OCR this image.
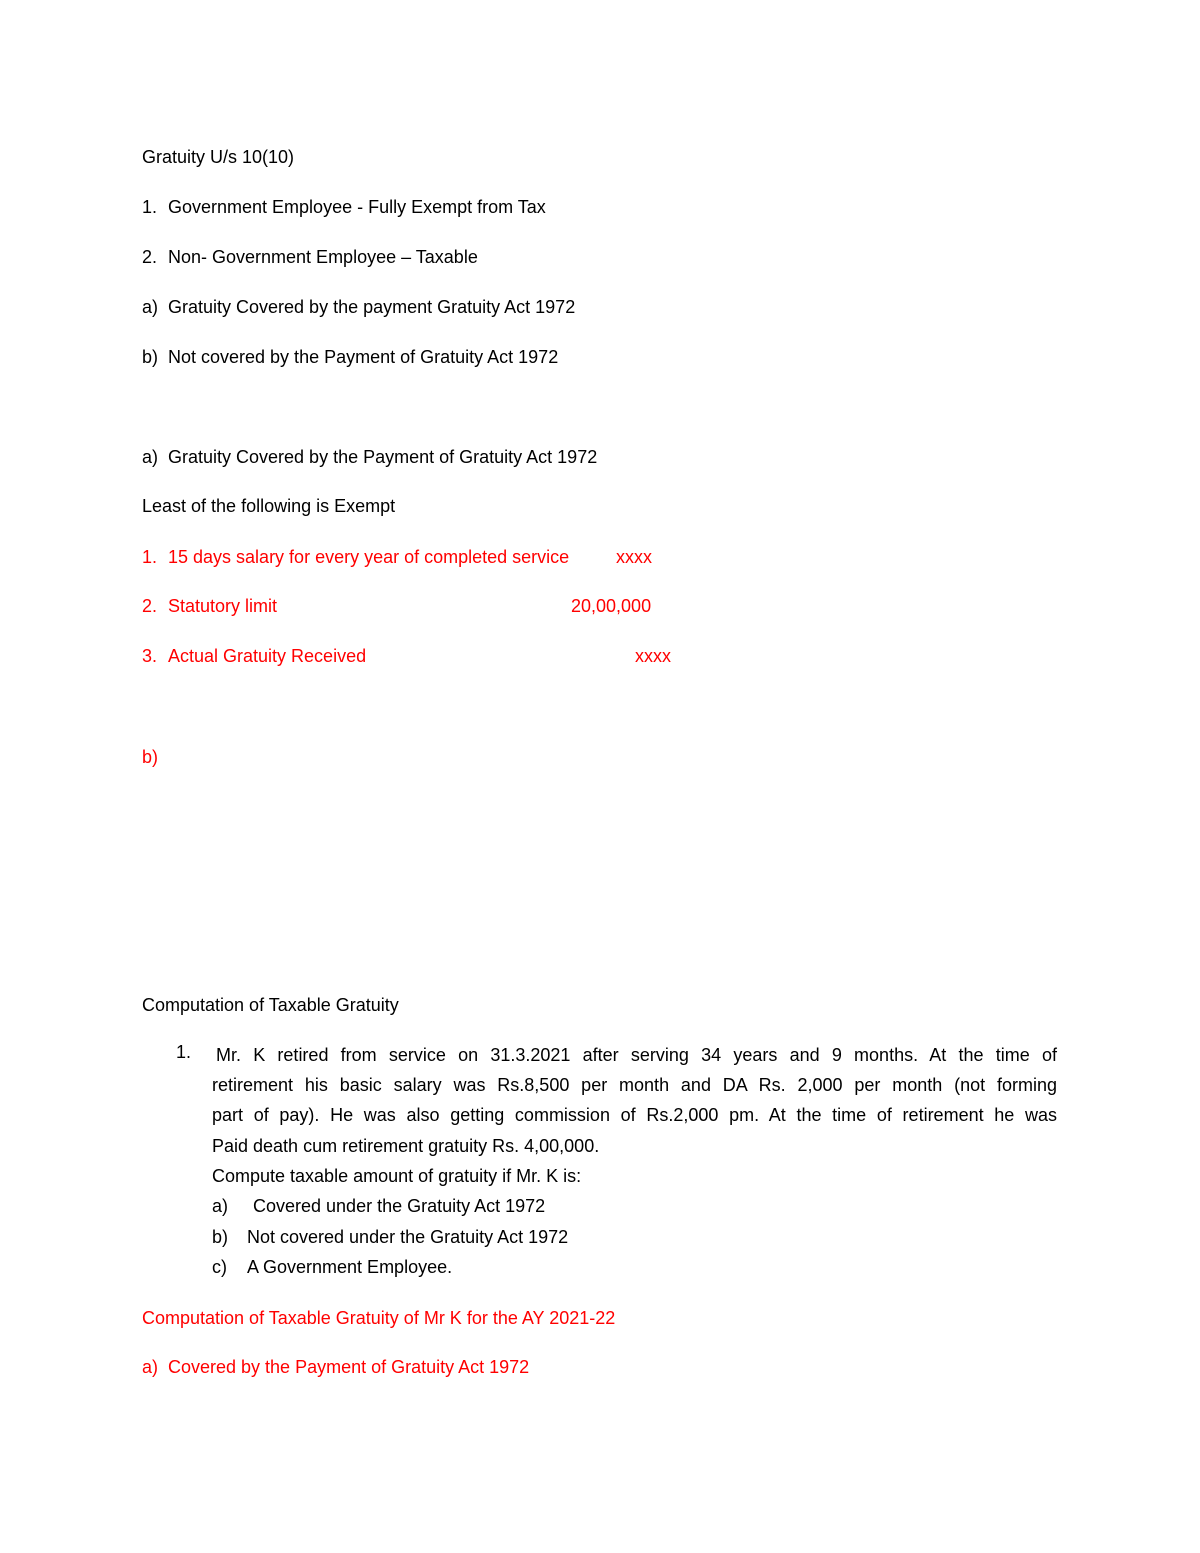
Gratuity U/s 10(10)
1. Government Employee - Fully Exempt from Tax
2. Non- Government Employee – Taxable
a) Gratuity Covered by the payment Gratuity Act 1972
b) Not covered by the Payment of Gratuity Act 1972
a) Gratuity Covered by the Payment of Gratuity Act 1972
Least of the following is Exempt
1. 15 days salary for every year of completed service	xxxx
2. Statutory limit	20,00,000
3. Actual Gratuity Received	xxxx
b)
Computation of Taxable Gratuity
1. Mr. K retired from service on 31.3.2021 after serving 34 years and 9 months. At the time of
retirement his basic salary was Rs.8,500 per month and DA Rs. 2,000 per month (not forming
part of pay). He was also getting commission of Rs.2,000 pm. At the time of retirement he was
Paid death cum retirement gratuity Rs. 4,00,000.
Compute taxable amount of gratuity if Mr. K is:
a) Covered under the Gratuity Act 1972
b) Not covered under the Gratuity Act 1972
c) A Government Employee.
Computation of Taxable Gratuity of Mr K for the AY 2021-22
a) Covered by the Payment of Gratuity Act 1972
